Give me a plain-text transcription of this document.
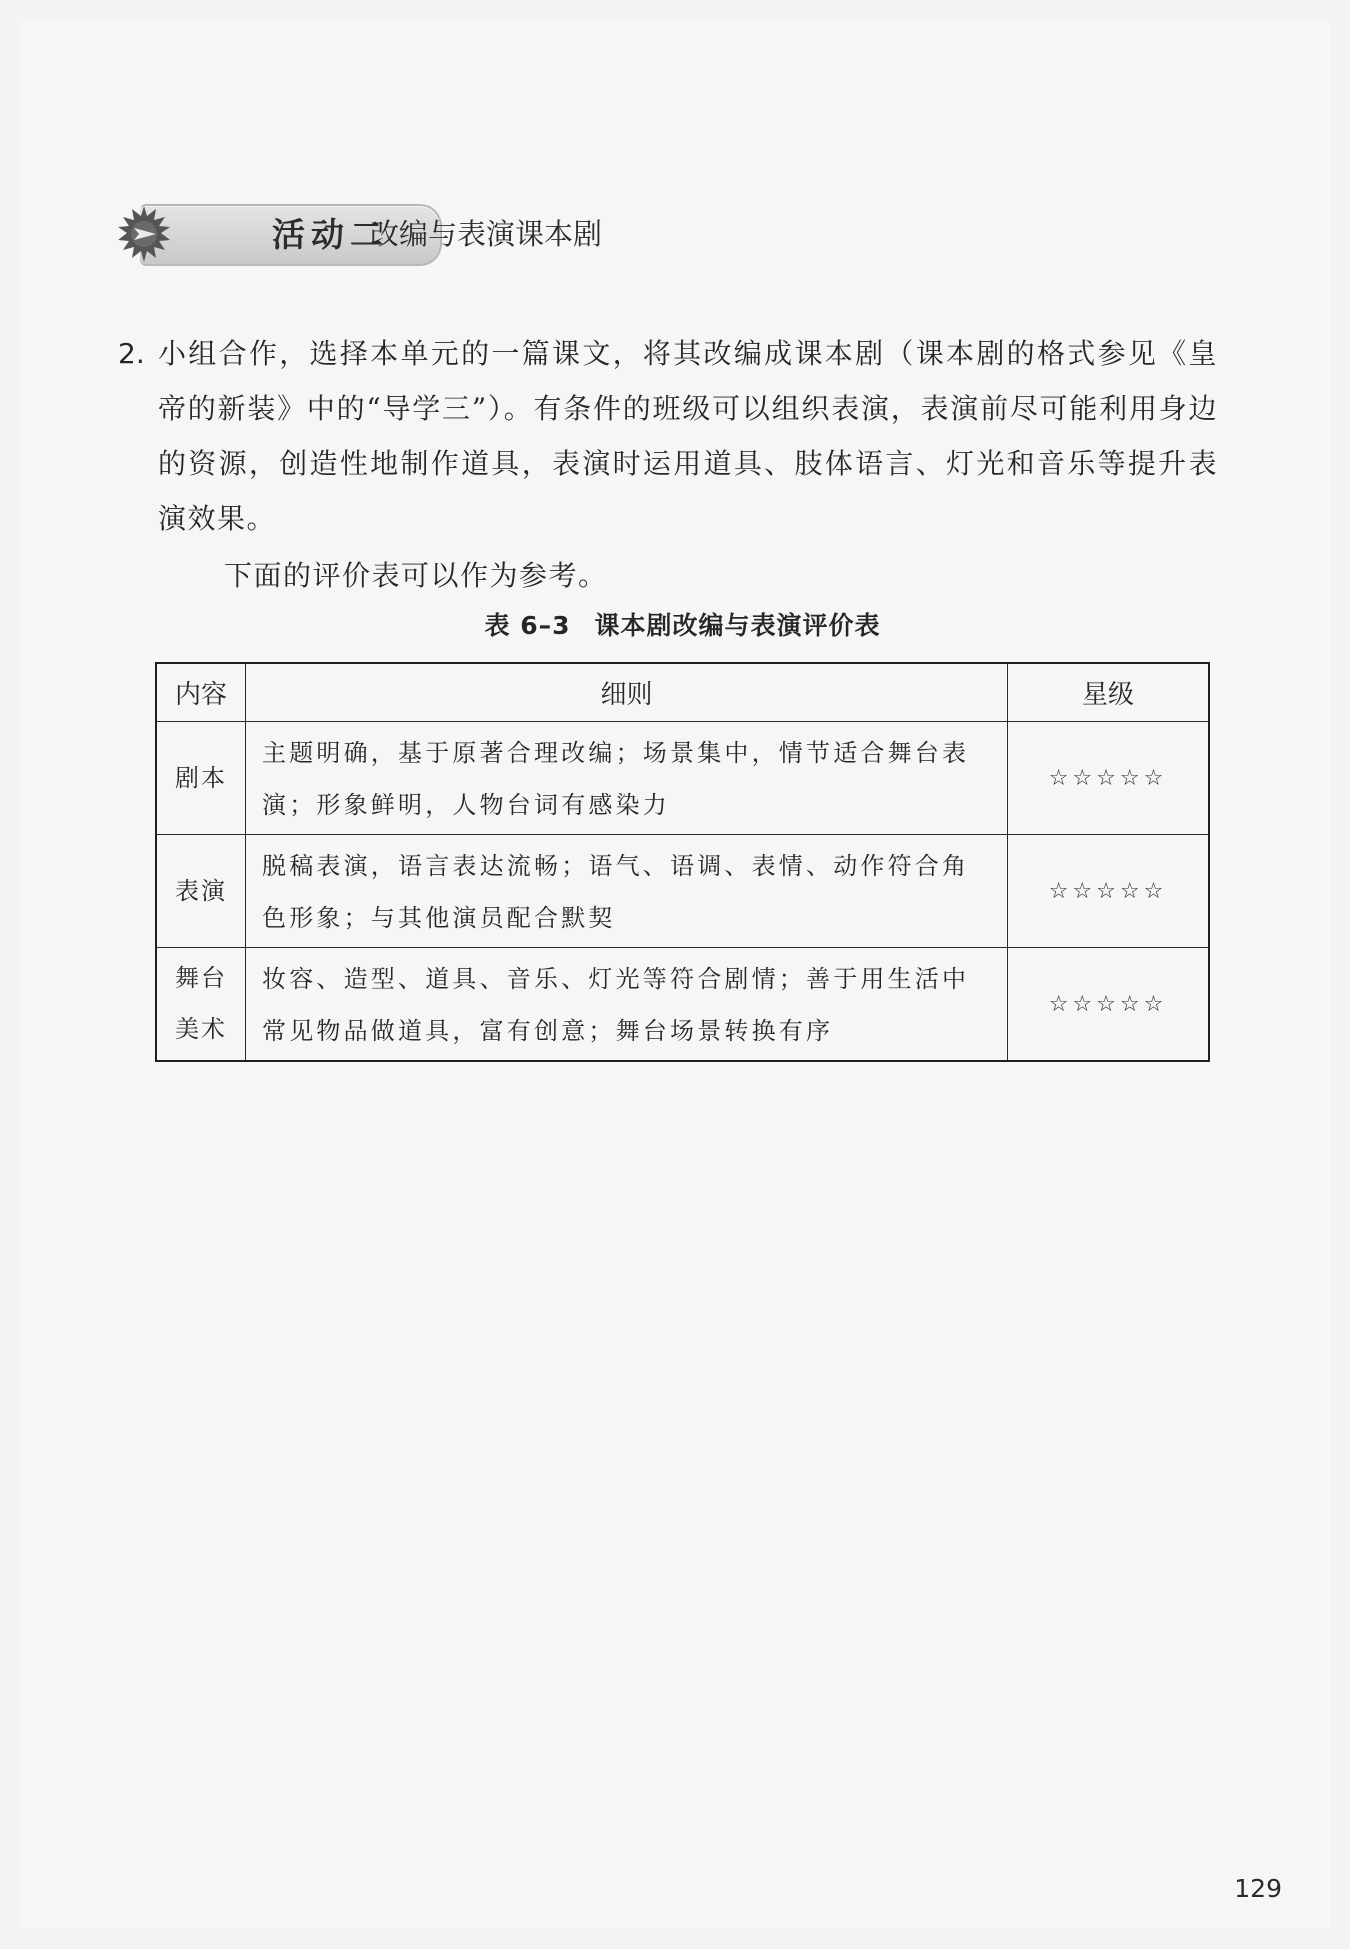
活动二
改编与表演课本剧
2. 小组合作，选择本单元的一篇课文，将其改编成课本剧（课本剧的格式参见《皇帝的新装》中的“导学三”）。有条件的班级可以组织表演，表演前尽可能利用身边的资源，创造性地制作道具，表演时运用道具、肢体语言、灯光和音乐等提升表演效果。
下面的评价表可以作为参考。
表 6–3 课本剧改编与表演评价表
内容	细则	星级

剧本	主题明确，基于原著合理改编；场景集中，情节适合舞台表演；形象鲜明，人物台词有感染力	☆☆☆☆☆

表演	脱稿表演，语言表达流畅；语气、语调、表情、动作符合角色形象；与其他演员配合默契	☆☆☆☆☆

舞台
美术	妆容、造型、道具、音乐、灯光等符合剧情；善于用生活中常见物品做道具，富有创意；舞台场景转换有序	☆☆☆☆☆
129
